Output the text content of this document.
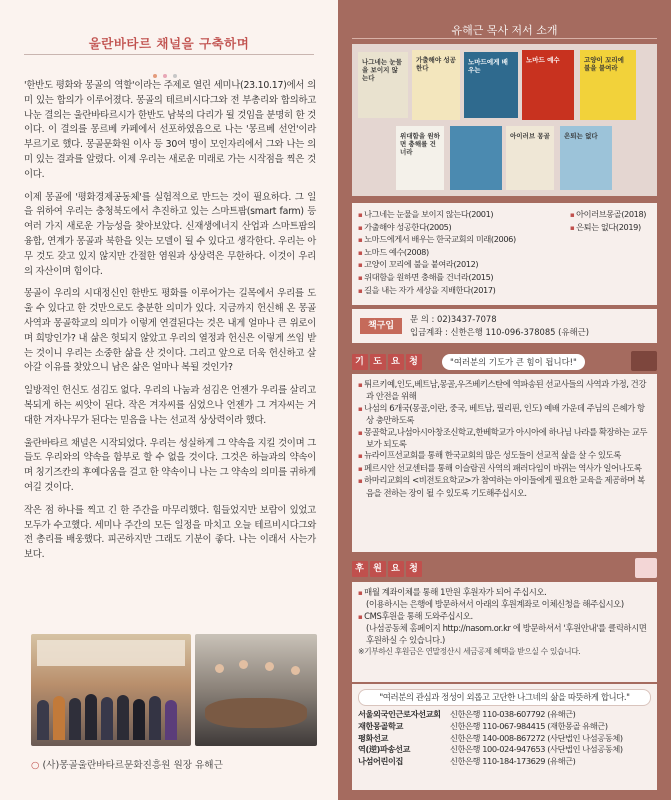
울란바타르 채널을 구축하며

'한반도 평화와 몽골의 역할'이라는 주제로 열린 세미나(23.10.17)에서 의미 있는 합의가 이루어졌다. 몽골의 테르비시다그와 전 부총리와 합의하고 나눈 결의는 울란바타르시가 한반도 남북의 다리가 될 것임을 분명히 한 것이다. 이 결의를 몽르베 카페에서 선포하였음으로 나는 '몽르베 선언'이라 부르기로 했다. 몽골문화원 이사 등 30여 명이 모인자리에서 그와 나는 의미 있는 결과를 알렸다. 이제 우리는 새로운 미래로 가는 시작점을 찍은 것이다.

이제 몽골에 '평화경제공동체'를 실험적으로 만드는 것이 필요하다. 그 일을 위하여 우리는 충청북도에서 추진하고 있는 스마트팜(smart farm) 등 여러 가지 새로운 가능성을 찾아보았다. 신재생에너지 산업과 스마트팜의 융합, 연계가 몽골과 북한을 잇는 모델이 될 수 있다고 생각한다. 우리는 아무 것도 갖고 있지 않지만 간절한 염원과 상상력은 무한하다. 이것이 우리의 자산이며 힘이다.

몽골이 우리의 시대정신인 한반도 평화를 이루어가는 길목에서 우리를 도울 수 있다고 한 것만으로도 충분한 의미가 있다. 지금까지 헌신해 온 몽골사역과 몽골학교의 의미가 이렇게 연결된다는 것은 내게 얼마나 큰 위로이며 희망인가? 내 삶은 헛되지 않았고 우리의 열정과 헌신은 이렇게 쓰임 받는 것이니 우리는 소중한 삶을 산 것이다. 그리고 앞으로 더욱 헌신하고 살아갈 이유를 찾았으니 남은 삶은 얼마나 복될 것인가?

일방적인 헌신도 섬김도 없다. 우리의 나눔과 섬김은 언젠가 우리를 살리고 복되게 하는 씨앗이 된다. 작은 겨자씨를 심었으나 언젠가 그 겨자씨는 거대한 겨자나무가 된다는 믿음을 나는 선교적 상상력이라 했다.

울란바타르 채널은 시작되었다. 우리는 성실하게 그 약속을 지킬 것이며 그들도 우리와의 약속을 함부로 할 수 없을 것이다. 그것은 하늘과의 약속이며 칭기즈칸의 후예다움을 걸고 한 약속이니 나는 그 약속의 의미를 귀하게 여길 것이다.

작은 점 하나를 찍고 긴 한 주간을 마무리했다. 힘들었지만 보람이 있었고 모두가 수고했다. 세미나 주간의 모든 일정을 마치고 오늘 테르비시다그와 전 총리를 배웅했다. 피곤하지만 그래도 기분이 좋다. 나는 이래서 사는가보다.

○ (사)몽골울란바타르문화진흥원 원장 유해근
유해근 목사 저서 소개
나그네는 눈물을 보이지 않는다
가출해야 성공한다
노마드에게 배우는
노마드 예수	고양이 꼬리에 불을 붙여라
위대함을 원하면 충해를 건너라
아이러브 몽골 은퇴는 없다
▪ 나그네는 눈물을 보이지 않는다(2001)
▪ 가출해야 성공한다(2005)
▪ 노마드에게서 배우는 한국교회의 미래(2006)
▪ 노마드 예수(2008)
▪ 고양이 꼬리에 불을 붙여라(2012)
▪ 위대함을 원하면 충해를 건너라(2015)
▪ 길을 내는 자가 세상을 지배한다(2017)
▪ 아이러브몽골(2018)
▪ 은퇴는 없다(2019)
책구입
문 의 : 02)3437-7078
입금계좌 : 신한은행 110-096-378085 (유해근)
기 도 요 청	"여러분의 기도가 큰 힘이 됩니다!"
▪ 튀르키예,인도,베트남,몽골,우즈베키스탄에 역파송된 선교사들의 사역과 가정, 건강과 안전을 위해
▪ 나섬의 6개국(몽골,이란, 중국, 베트남, 필리핀, 인도) 예배 가운데 주님의 은혜가 항상 충만하도록
▪ 몽골학교,나섬아시아창조신학교,한베학교가 아시아에 하나님 나라를 확장하는 교두보가 되도록
▪ 뉴라이프선교회를 통해 한국교회의 많은 성도들이 선교적 삶을 살 수 있도록
▪ 페르시안 선교센터를 통해 이슬람권 사역의 패러다임이 바뀌는 역사가 일어나도록
▪ 하마리교회의 <비전토요학교>가 참여하는 아이들에게 필요한 교육을 제공하며 복음을 전하는 장이 될 수 있도록 기도해주십시오.
후 원 요 청
▪ 매월 계좌이체를 통해 1만원 후원자가 되어 주십시오.
(이용하시는 은행에 방문하셔서 아래의 후원계좌로 이체신청을 해주십시오)
▪ CMS후원을 통해 도와주십시오.
(나섬공동체 홈페이지 http://nasom.or.kr 에 방문하셔서 '후원안내'를 클릭하시면 후원하실 수 있습니다.)
※기부하신 후원금은 연말정산시 세금공제 혜택을 받으실 수 있습니다.
"여러분의 관심과 정성이 외롭고 고단한 나그네의 삶을 따뜻하게 합니다."
서울외국인근로자선교회 신한은행 110-038-607792 (유해근)
재한몽골학교	신한은행 110-067-984415 (재한몽골 유해근)
평화선교	신한은행 140-008-867272 (사단법인 나섬공동체)
역(逆)파송선교	신한은행 100-024-947653 (사단법인 나섬공동체)
나섬어린이집	신한은행 110-184-173629 (유해근)
